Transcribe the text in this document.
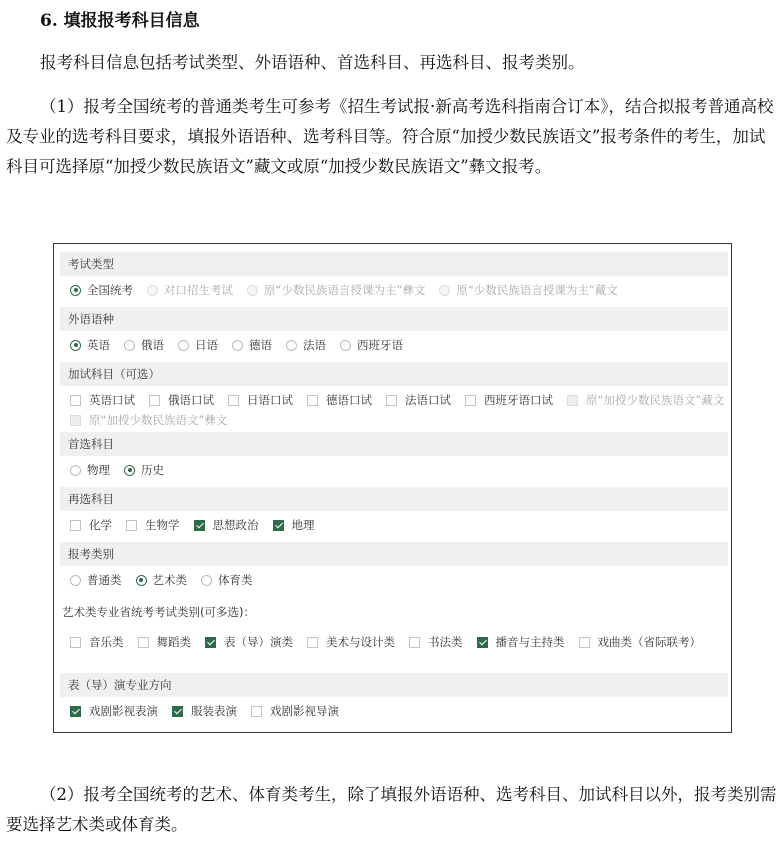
6. 填报报考科目信息
报考科目信息包括考试类型、外语语种、首选科目、再选科目、报考类别。
（1）报考全国统考的普通类考生可参考《招生考试报·新高考选科指南合订本》，结合拟报考普通高校及专业的选考科目要求，填报外语语种、选考科目等。符合原“加授少数民族语文”报考条件的考生，加试科目可选择原“加授少数民族语文”藏文或原“加授少数民族语文”彝文报考。
考试类型
全国统考	对口招生考试	原“少数民族语言授课为主”彝文	原“少数民族语言授课为主”藏文
外语语种
英语	俄语	日语	德语	法语	西班牙语
加试科目（可选）
英语口试	俄语口试	日语口试	德语口试	法语口试	西班牙语口试	原“加授少数民族语文”藏文
原“加授少数民族语文”彝文
首选科目
物理	历史
再选科目
化学	生物学	思想政治	地理
报考类别
普通类	艺术类	体育类
艺术类专业省统考考试类别(可多选)：
音乐类	舞蹈类	表（导）演类	美术与设计类	书法类	播音与主持类	戏曲类（省际联考）
表（导）演专业方向
戏剧影视表演	服装表演	戏剧影视导演
（2）报考全国统考的艺术、体育类考生，除了填报外语语种、选考科目、加试科目以外，报考类别需要选择艺术类或体育类。
